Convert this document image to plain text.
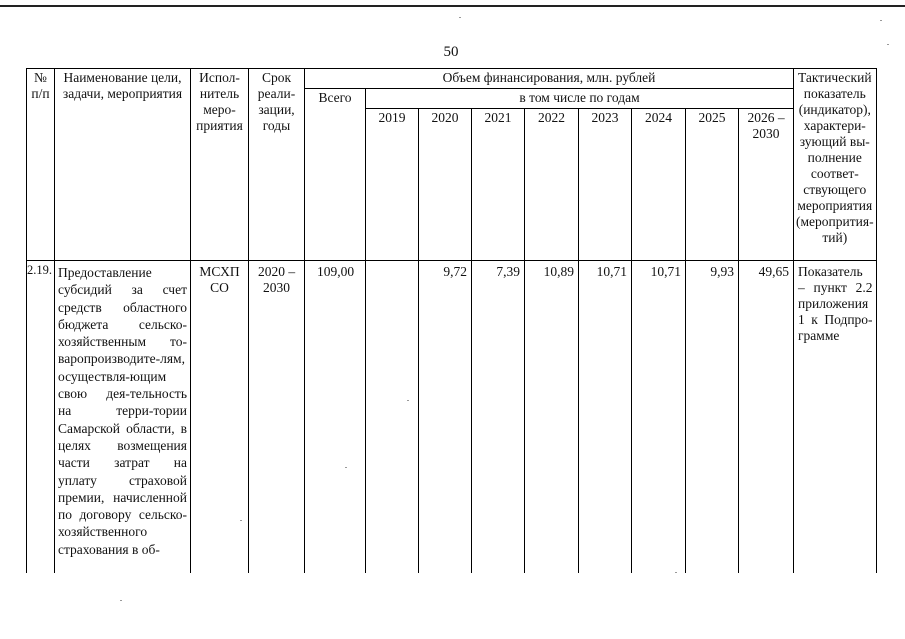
50
№ п/п	Наименование цели, задачи, мероприятия	Испол-нитель меро-приятия	Срок реали-зации, годы	Объем финансирования, млн. рублей									Тактический показатель (индикатор), характери-зующий вы-полнение соответ-ствующего мероприятия (меропрития-тий)
				Всего	в том числе по годам								
					2019	2020	2021	2022	2023	2024	2025	2026 – 2030	
2.19.	Предоставление субсидий за счет средств областного бюджета сельско-хозяйственным то-варопроизводите-лям, осуществля-ющим свою дея-тельность на терри-тории Самарской области, в целях возмещения части затрат на уплату страховой премии, начисленной по договору сельско-хозяйственного страхования в об-	МСХП СО	2020 – 2030	109,00		9,72	7,39	10,89	10,71	10,71	9,93	49,65	Показатель – пункт 2.2 приложения 1 к Подпро-грамме
